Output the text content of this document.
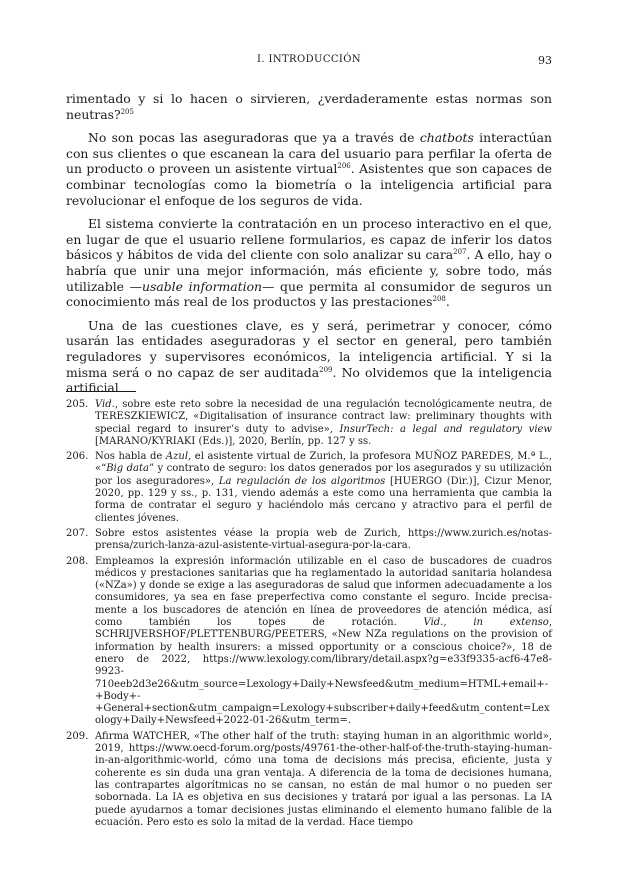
I. INTRODUCCIÓN	93

rimentado y si lo hacen o sirvieren, ¿verdaderamente estas normas son neutras?$^{205}$

No son pocas las aseguradoras que ya a través de chatbots interactúan con sus clientes o que escanean la cara del usuario para perfilar la oferta de un producto o proveen un asistente virtual$^{206}$. Asistentes que son capaces de combinar tecnologías como la biometría o la inteligencia artificial para revolucionar el enfoque de los seguros de vida.

El sistema convierte la contratación en un proceso interactivo en el que, en lugar de que el usuario rellene formularios, es capaz de inferir los datos básicos y hábitos de vida del cliente con solo analizar su cara$^{207}$. A ello, hay o habría que unir una mejor información, más eficiente y, sobre todo, más utilizable —usable information— que permita al consumidor de seguros un conocimiento más real de los productos y las prestaciones$^{208}$.

Una de las cuestiones clave, es y será, perimetrar y conocer, cómo usarán las entidades aseguradoras y el sector en general, pero también reguladores y supervisores económicos, la inteligencia artificial. Y si la misma será o no capaz de ser auditada$^{209}$. No olvidemos que la inteligencia artificial

205. Vid., sobre este reto sobre la necesidad de una regulación tecnológicamente neutra, de TERESZKIEWICZ, «Digitalisation of insurance contract law: preliminary thoughts with special regard to insurer’s duty to advise», InsurTech: a legal and regulatory view [MARANO/KYRIAKI (Eds.)], 2020, Berlín, pp. 127 y ss.
206. Nos habla de Azul, el asistente virtual de Zurich, la profesora MUÑOZ PAREDES, M.ª L., «“Big data” y contrato de seguro: los datos generados por los asegurados y su utilización por los aseguradores», La regulación de los algoritmos [HUERGO (Dir.)], Cizur Menor, 2020, pp. 129 y ss., p. 131, viendo además a este como una herramienta que cambia la forma de contratar el seguro y haciéndolo más cercano y atractivo para el perfil de clientes jóvenes.
207. Sobre estos asistentes véase la propia web de Zurich, https://www.zurich.es/notas-prensa/zurich-lanza-azul-asistente-virtual-asegura-por-la-cara.
208. Empleamos la expresión información utilizable en el caso de buscadores de cuadros médicos y prestaciones sanitarias que ha reglamentado la autoridad sanitaria holandesa («NZa») y donde se exige a las aseguradoras de salud que informen adecuadamente a los consumidores, ya sea en fase preperfectiva como constante el seguro. Incide precisamente a los buscadores de atención en línea de proveedores de atención médica, así como también los topes de rotación. Vid., in extenso, SCHRIJVERSHOF/PLETTENBURG/PEETERS, «New NZa regulations on the provision of information by health insurers: a missed opportunity or a conscious choice?», 18 de enero de 2022, https://www.lexology.com/library/detail.aspx?g=e33f9335-acf6-47e8-9923-710eeb2d3e26&utm_source=Lexology+Daily+Newsfeed&utm_medium=HTML+email+-+Body+-+General+section&utm_campaign=Lexology+subscriber+daily+feed&utm_content=Lexology+Daily+Newsfeed+2022-01-26&utm_term=.
209. Afirma WATCHER, «The other half of the truth: staying human in an algorithmic world», 2019, https://www.oecd-forum.org/posts/49761-the-other-half-of-the-truth-staying-human-in-an-algorithmic-world, cómo una toma de decisions más precisa, eficiente, justa y coherente es sin duda una gran ventaja. A diferencia de la toma de decisiones humana, las contrapartes algorítmicas no se cansan, no están de mal humor o no pueden ser sobornada. La IA es objetiva en sus decisiones y tratará por igual a las personas. La IA puede ayudarnos a tomar decisiones justas eliminando el elemento humano falible de la ecuación. Pero esto es solo la mitad de la verdad. Hace tiempo
